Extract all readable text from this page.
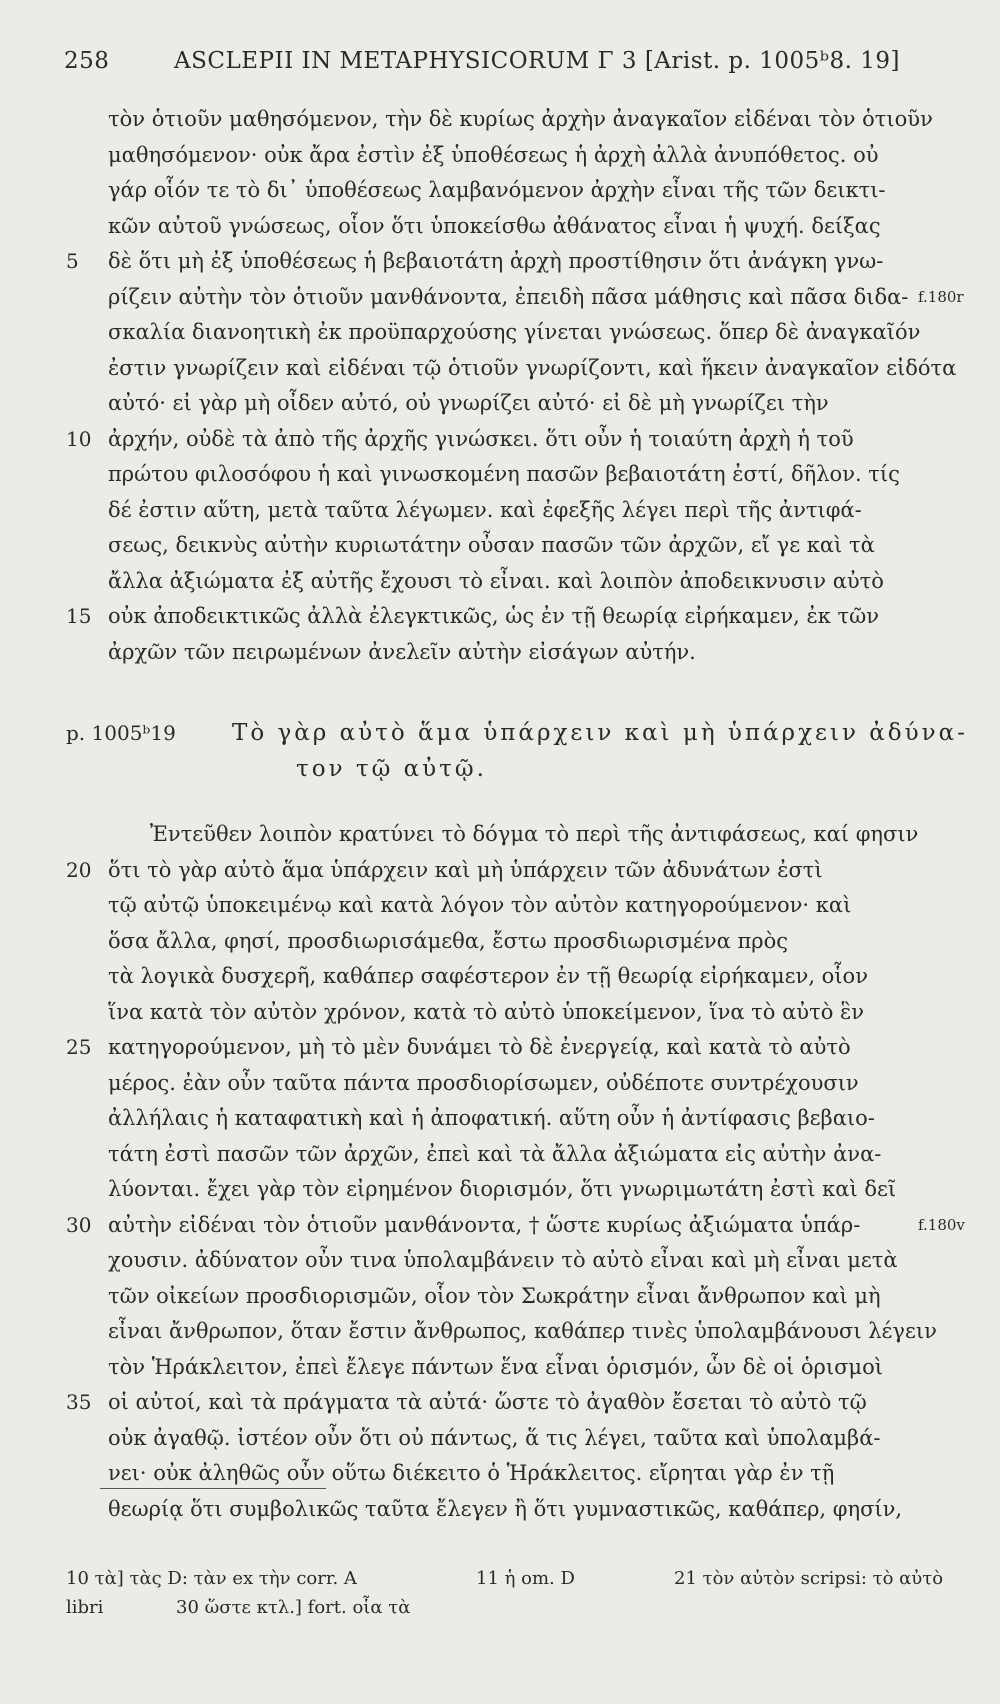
258	ASCLEPII IN METAPHYSICORUM Γ 3 [Arist. p. 1005ᵇ8. 19]
τὸν ὁτιοῦν μαθησόμενον, τὴν δὲ κυρίως ἀρχὴν ἀναγκαῖον εἰδέναι τὸν ὁτιοῦν
μαθησόμενον· οὐκ ἄρα ἐστὶν ἐξ ὑποθέσεως ἡ ἀρχὴ ἀλλὰ ἀνυπόθετος. οὐ
γάρ οἷόν τε τὸ δι᾽ ὑποθέσεως λαμβανόμενον ἀρχὴν εἶναι τῆς τῶν δεικτι-
κῶν αὐτοῦ γνώσεως, οἷον ὅτι ὑποκείσθω ἀθάνατος εἶναι ἡ ψυχή. δείξας
5	δὲ ὅτι μὴ ἐξ ὑποθέσεως ἡ βεβαιοτάτη ἀρχὴ προστίθησιν ὅτι ἀνάγκη γνω-
ρίζειν αὐτὴν τὸν ὁτιοῦν μανθάνοντα, ἐπειδὴ πᾶσα μάθησις καὶ πᾶσα διδα- f.180r
σκαλία διανοητικὴ ἐκ προϋπαρχούσης γίνεται γνώσεως. ὅπερ δὲ ἀναγκαῖόν
ἐστιν γνωρίζειν καὶ εἰδέναι τῷ ὁτιοῦν γνωρίζοντι, καὶ ἥκειν ἀναγκαῖον εἰδότα
αὐτό· εἰ γὰρ μὴ οἶδεν αὐτό, οὐ γνωρίζει αὐτό· εἰ δὲ μὴ γνωρίζει τὴν
10 ἀρχήν, οὐδὲ τὰ ἀπὸ τῆς ἀρχῆς γινώσκει. ὅτι οὖν ἡ τοιαύτη ἀρχὴ ἡ τοῦ
πρώτου φιλοσόφου ἡ καὶ γινωσκομένη πασῶν βεβαιοτάτη ἐστί, δῆλον. τίς
δέ ἐστιν αὕτη, μετὰ ταῦτα λέγωμεν. καὶ ἐφεξῆς λέγει περὶ τῆς ἀντιφά-
σεως, δεικνὺς αὐτὴν κυριωτάτην οὖσαν πασῶν τῶν ἀρχῶν, εἴ γε καὶ τὰ
ἄλλα ἀξιώματα ἐξ αὐτῆς ἔχουσι τὸ εἶναι. καὶ λοιπὸν ἀποδεικνυσιν αὐτὸ
15 οὐκ ἀποδεικτικῶς ἀλλὰ ἐλεγκτικῶς, ὡς ἐν τῇ θεωρίᾳ εἰρήκαμεν, ἐκ τῶν
ἀρχῶν τῶν πειρωμένων ἀνελεῖν αὐτὴν εἰσάγων αὐτήν.
p. 1005ᵇ19 Τὸ γὰρ αὐτὸ ἅμα ὑπάρχειν καὶ μὴ ὑπάρχειν ἀδύνα-
τον τῷ αὐτῷ.
Ἐντεῦθεν λοιπὸν κρατύνει τὸ δόγμα τὸ περὶ τῆς ἀντιφάσεως, καί φησιν
20 ὅτι τὸ γὰρ αὐτὸ ἅμα ὑπάρχειν καὶ μὴ ὑπάρχειν τῶν ἀδυνάτων ἐστὶ
τῷ αὐτῷ ὑποκειμένῳ καὶ κατὰ λόγον τὸν αὐτὸν κατηγορούμενον· καὶ
ὅσα ἄλλα, φησί, προσδιωρισάμεθα, ἔστω προσδιωρισμένα πρὸς
τὰ λογικὰ δυσχερῆ, καθάπερ σαφέστερον ἐν τῇ θεωρίᾳ εἰρήκαμεν, οἷον
ἵνα κατὰ τὸν αὐτὸν χρόνον, κατὰ τὸ αὐτὸ ὑποκείμενον, ἵνα τὸ αὐτὸ ἓν
25 κατηγορούμενον, μὴ τὸ μὲν δυνάμει τὸ δὲ ἐνεργείᾳ, καὶ κατὰ τὸ αὐτὸ
μέρος. ἐὰν οὖν ταῦτα πάντα προσδιορίσωμεν, οὐδέποτε συντρέχουσιν
ἀλλήλαις ἡ καταφατικὴ καὶ ἡ ἀποφατική. αὕτη οὖν ἡ ἀντίφασις βεβαιο-
τάτη ἐστὶ πασῶν τῶν ἀρχῶν, ἐπεὶ καὶ τὰ ἄλλα ἀξιώματα εἰς αὐτὴν ἀνα-
λύονται. ἔχει γὰρ τὸν εἰρημένον διορισμόν, ὅτι γνωριμωτάτη ἐστὶ καὶ δεῖ
30 αὐτὴν εἰδέναι τὸν ὁτιοῦν μανθάνοντα, † ὥστε κυρίως ἀξιώματα ὑπάρ-	f.180v
χουσιν. ἀδύνατον οὖν τινα ὑπολαμβάνειν τὸ αὐτὸ εἶναι καὶ μὴ εἶναι μετὰ
τῶν οἰκείων προσδιορισμῶν, οἷον τὸν Σωκράτην εἶναι ἄνθρωπον καὶ μὴ
εἶναι ἄνθρωπον, ὅταν ἔστιν ἄνθρωπος, καθάπερ τινὲς ὑπολαμβάνουσι λέγειν
τὸν Ἡράκλειτον, ἐπεὶ ἔλεγε πάντων ἕνα εἶναι ὁρισμόν, ὧν δὲ οἱ ὁρισμοὶ
35 οἱ αὐτοί, καὶ τὰ πράγματα τὰ αὐτά· ὥστε τὸ ἀγαθὸν ἔσεται τὸ αὐτὸ τῷ
οὐκ ἀγαθῷ. ἰστέον οὖν ὅτι οὐ πάντως, ἅ τις λέγει, ταῦτα καὶ ὑπολαμβά-
νει· οὐκ ἀληθῶς οὖν οὕτω διέκειτο ὁ Ἡράκλειτος. εἴρηται γὰρ ἐν τῇ
θεωρίᾳ ὅτι συμβολικῶς ταῦτα ἔλεγεν ἢ ὅτι γυμναστικῶς, καθάπερ, φησίν,
10 τὰ] τὰς D: τὰν ex τὴν corr. A	11 ἡ om. D	21 τὸν αὐτὸν scripsi: τὸ αὐτὸ
libri	30 ὥστε κτλ.] fort. οἷα τὰ
